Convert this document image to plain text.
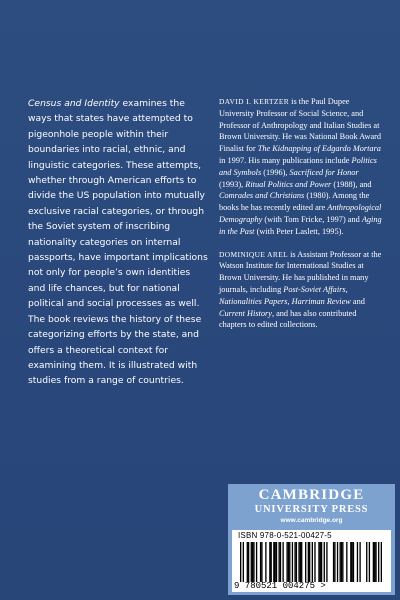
Census and Identity examines the ways that states have attempted to pigeonhole people within their boundaries into racial, ethnic, and linguistic categories. These attempts, whether through American efforts to divide the US population into mutually exclusive racial categories, or through the Soviet system of inscribing nationality categories on internal passports, have important implications not only for people’s own identities and life chances, but for national political and social processes as well.

The book reviews the history of these categorizing efforts by the state, and offers a theoretical context for examining them. It is illustrated with studies from a range of countries.

DAVID I. KERTZER is the Paul Dupee University Professor of Social Science, and Professor of Anthropology and Italian Studies at Brown University. He was National Book Award Finalist for The Kidnapping of Edgardo Mortara in 1997. His many publications include Politics and Symbols (1996), Sacrificed for Honor (1993), Ritual Politics and Power (1988), and Comrades and Christians (1980). Among the books he has recently edited are Anthropological Demography (with Tom Fricke, 1997) and Aging in the Past (with Peter Laslett, 1995).

DOMINIQUE AREL is Assistant Professor at the Watson Institute for International Studies at Brown University. He has published in many journals, including Post-Soviet Affairs, Nationalities Papers, Harriman Review and Current History, and has also contributed chapters to edited collections.

CAMBRIDGE
UNIVERSITY PRESS
www.cambridge.org
ISBN 978-0-521-00427-5
9 780521 004275 >
